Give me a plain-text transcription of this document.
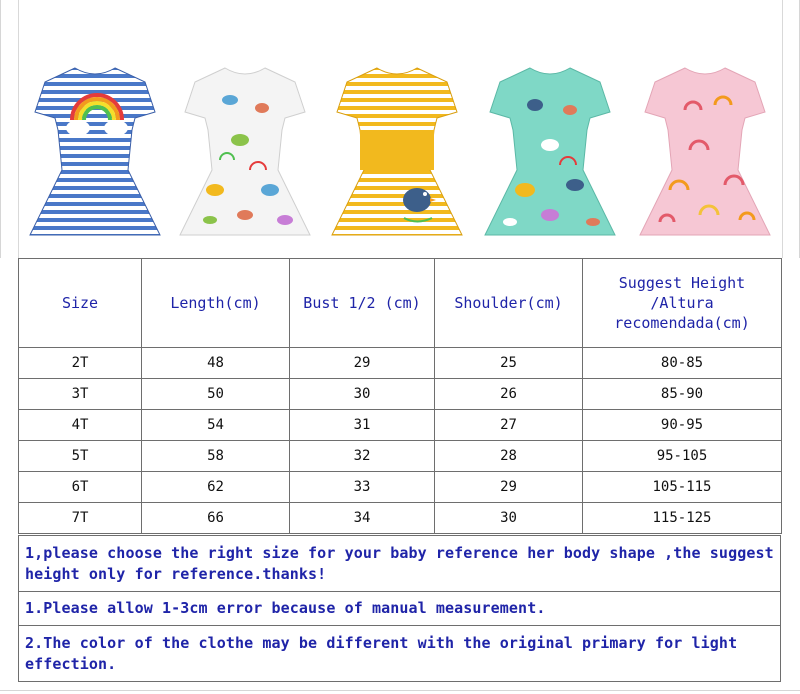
Size	Length(cm)	Bust 1/2 (cm)	Shoulder(cm)	Suggest Height
/Altura
recomendada(cm)
2T	48	29	25	80-85
3T	50	30	26	85-90
4T	54	31	27	90-95
5T	58	32	28	95-105
6T	62	33	29	105-115
7T	66	34	30	115-125
1,please choose the right size for your baby reference her body shape ,the suggest height only for reference.thanks!
1.Please allow 1-3cm error because of manual measurement.
2.The color of the clothe may be different with the original primary for light effection.
